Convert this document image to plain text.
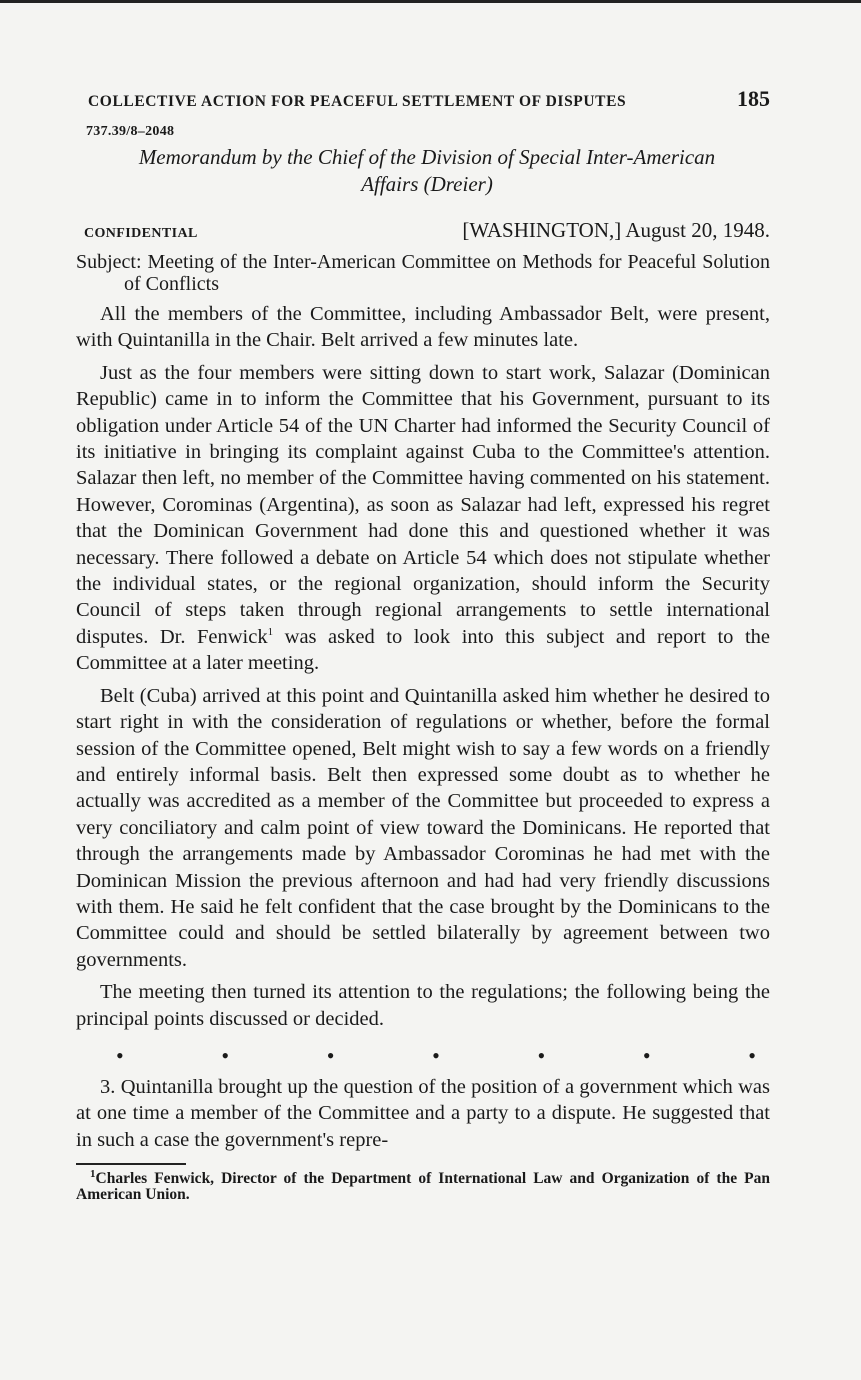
COLLECTIVE ACTION FOR PEACEFUL SETTLEMENT OF DISPUTES	185
737.39/8–2048
Memorandum by the Chief of the Division of Special Inter-American
Affairs (Dreier)
CONFIDENTIAL	[WASHINGTON,] August 20, 1948.
Subject: Meeting of the Inter-American Committee on Methods for Peaceful Solution of Conflicts

All the members of the Committee, including Ambassador Belt, were present, with Quintanilla in the Chair. Belt arrived a few minutes late.

Just as the four members were sitting down to start work, Salazar (Dominican Republic) came in to inform the Committee that his Government, pursuant to its obligation under Article 54 of the UN Charter had informed the Security Council of its initiative in bringing its complaint against Cuba to the Committee's attention. Salazar then left, no member of the Committee having commented on his statement. However, Corominas (Argentina), as soon as Salazar had left, expressed his regret that the Dominican Government had done this and questioned whether it was necessary. There followed a debate on Article 54 which does not stipulate whether the individual states, or the regional organization, should inform the Security Council of steps taken through regional arrangements to settle international disputes. Dr. Fenwick$^1$ was asked to look into this subject and report to the Committee at a later meeting.

Belt (Cuba) arrived at this point and Quintanilla asked him whether he desired to start right in with the consideration of regulations or whether, before the formal session of the Committee opened, Belt might wish to say a few words on a friendly and entirely informal basis. Belt then expressed some doubt as to whether he actually was accredited as a member of the Committee but proceeded to express a very conciliatory and calm point of view toward the Dominicans. He reported that through the arrangements made by Ambassador Corominas he had met with the Dominican Mission the previous afternoon and had had very friendly discussions with them. He said he felt confident that the case brought by the Dominicans to the Committee could and should be settled bilaterally by agreement between two governments.

The meeting then turned its attention to the regulations; the following being the principal points discussed or decided.

•	•	•	•	•	•	•

3. Quintanilla brought up the question of the position of a government which was at one time a member of the Committee and a party to a dispute. He suggested that in such a case the government's repre-

$^1$Charles Fenwick, Director of the Department of International Law and Organization of the Pan American Union.
